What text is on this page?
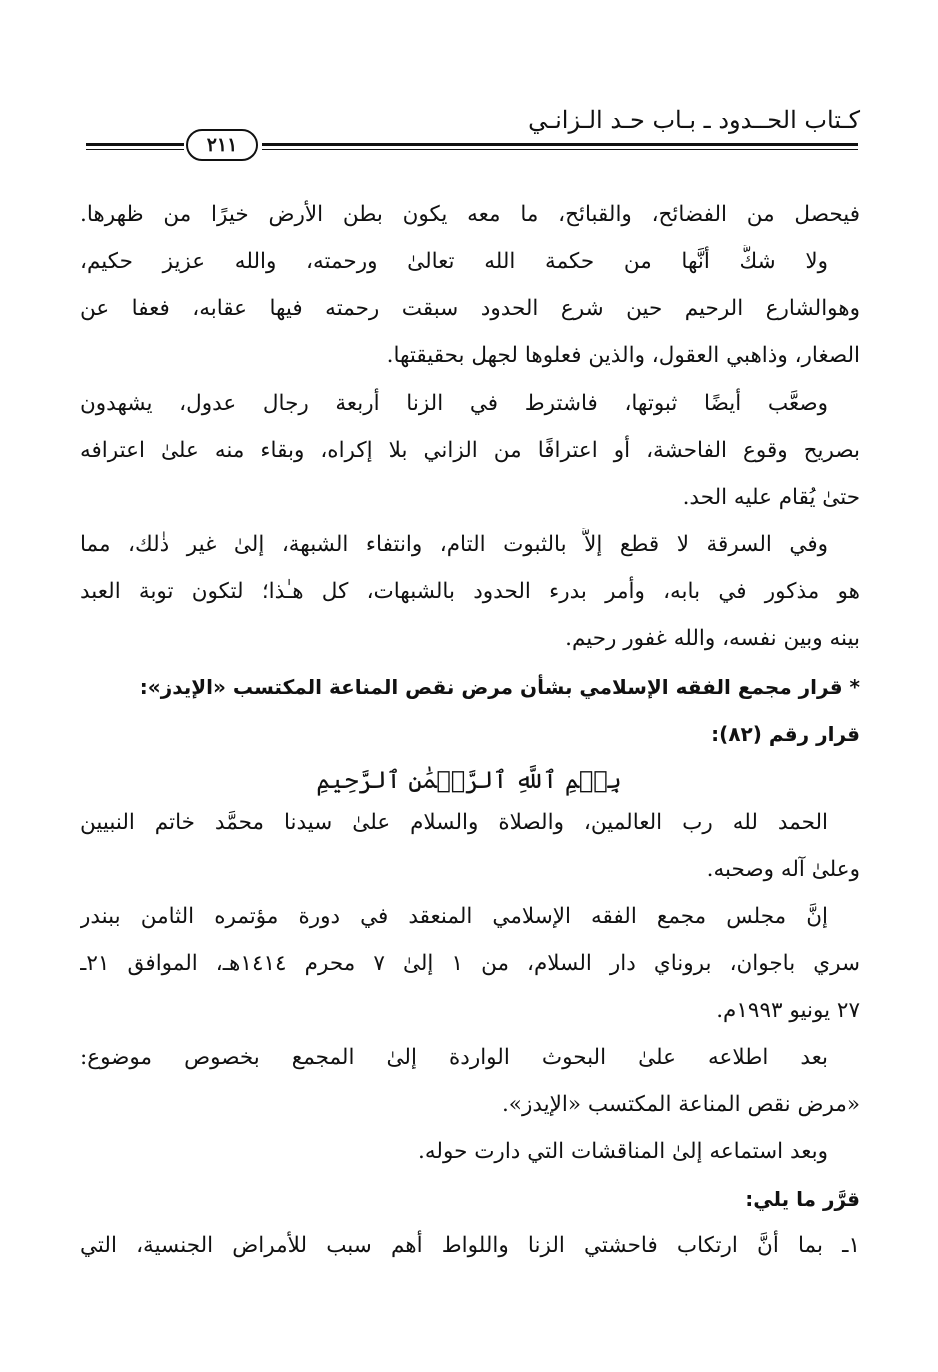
كـتاب الحــدود ـ بـاب حـد الـزانـي
٢١١
فيحصل من الفضائح، والقبائح، ما معه يكون بطن الأرض خيرًا من ظهرها.
ولا شكَّ أنَّها من حكمة الله تعالىٰ ورحمته، والله عزيز حكيم،
وهوالشارع الرحيم حين شرع الحدود سبقت رحمته فيها عقابه، فعفا عن
الصغار، وذاهبي العقول، والذين فعلوها لجهل بحقيقتها.
وصعَّب أيضًا ثبوتها، فاشترط في الزنا أربعة رجال عدول، يشهدون
بصريح وقوع الفاحشة، أو اعترافًا من الزاني بلا إكراه، وبقاء منه علىٰ اعترافه
حتىٰ يُقام عليه الحد.
وفي السرقة لا قطع إلاَّ بالثبوت التام، وانتفاء الشبهة، إلىٰ غير ذٰلك، مما
هو مذكور في بابه، وأمر بدرء الحدود بالشبهات، كل هـٰذا؛ لتكون توبة العبد
بينه وبين نفسه، والله غفور رحيم.
* قرار مجمع الفقه الإسلامي بشأن مرض نقص المناعة المكتسب «الإيدز»:
قرار رقم (٨٢):
بِسۡمِ ٱللَّهِ ٱلرَّحۡمَٰنِ ٱلرَّحِيمِ
الحمد لله رب العالمين، والصلاة والسلام علىٰ سيدنا محمَّد خاتم النبيين
وعلىٰ آله وصحبه.
إنَّ مجلس مجمع الفقه الإسلامي المنعقد في دورة مؤتمره الثامن ببندر
سري باجوان، بروناي دار السلام، من ١ إلىٰ ٧ محرم ١٤١٤هـ، الموافق ٢١ـ
٢٧ يونيو ١٩٩٣م.
بعد اطلاعه علىٰ البحوث الواردة إلىٰ المجمع بخصوص موضوع:
«مرض نقص المناعة المكتسب «الإيدز».
وبعد استماعه إلىٰ المناقشات التي دارت حوله.
قرَّر ما يلي:
١ـ بما أنَّ ارتكاب فاحشتي الزنا واللواط أهم سبب للأمراض الجنسية، التي
